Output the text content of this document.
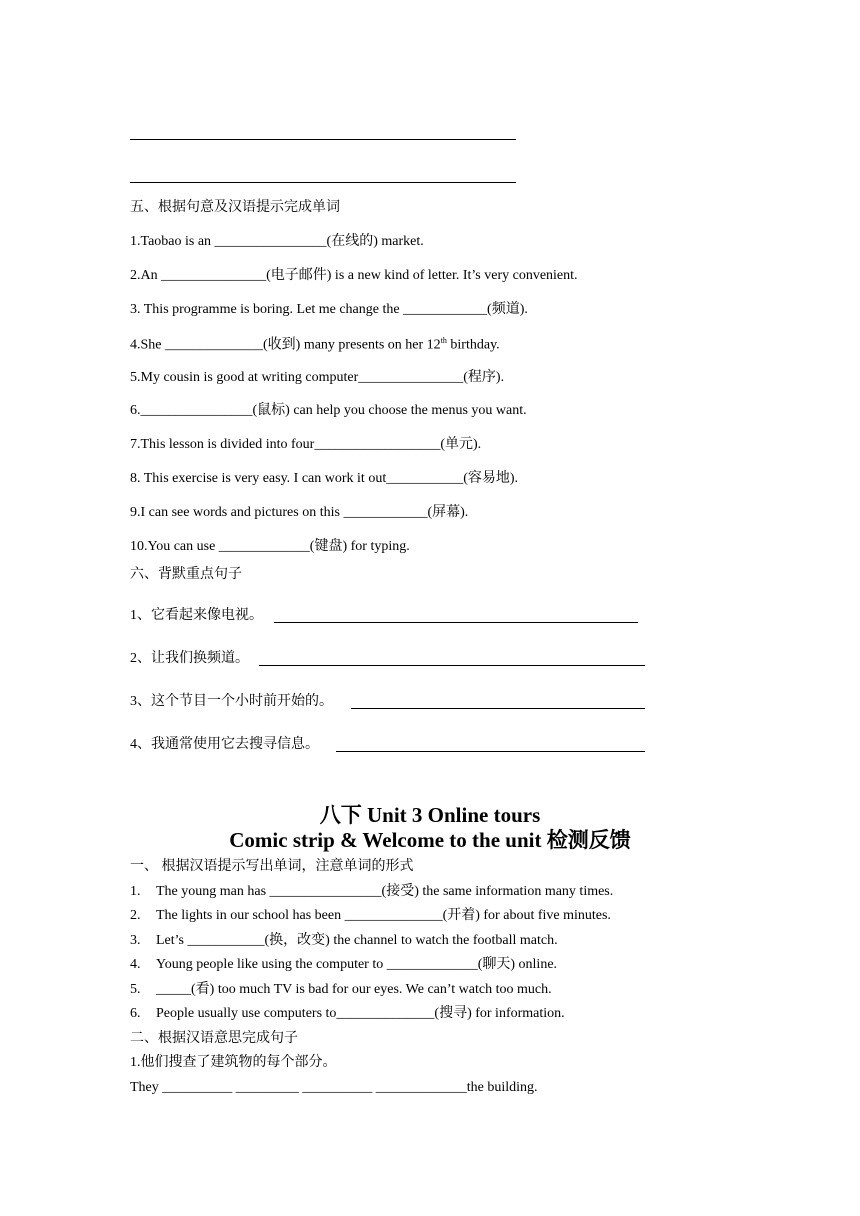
五、根据句意及汉语提示完成单词
1.Taobao is an ________________(在线的) market.
2.An _______________(电子邮件) is a new kind of letter. It’s very convenient.
3. This programme is boring. Let me change the ____________(频道).
4.She ______________(收到) many presents on her 12th birthday.
5.My cousin is good at writing computer_______________(程序).
6.________________(鼠标) can help you choose the menus you want.
7.This lesson is divided into four__________________(单元).
8. This exercise is very easy. I can work it out___________(容易地).
9.I can see words and pictures on this ____________(屏幕).
10.You can use _____________(键盘) for typing.
六、背默重点句子
1、它看起来像电视。
2、让我们换频道。
3、这个节目一个小时前开始的。
4、我通常使用它去搜寻信息。
八下 Unit 3 Online tours
Comic strip & Welcome to the unit 检测反馈
一、 根据汉语提示写出单词，注意单词的形式
1. The young man has ________________(接受) the same information many times.
2. The lights in our school has been ______________(开着) for about five minutes.
3. Let’s ___________(换，改变) the channel to watch the football match.
4. Young people like using the computer to _____________(聊天) online.
5. _____(看) too much TV is bad for our eyes. We can’t watch too much.
6. People usually use computers to______________(搜寻) for information.
二、根据汉语意思完成句子
1.他们搜查了建筑物的每个部分。
They __________ _________ __________ _____________the building.
